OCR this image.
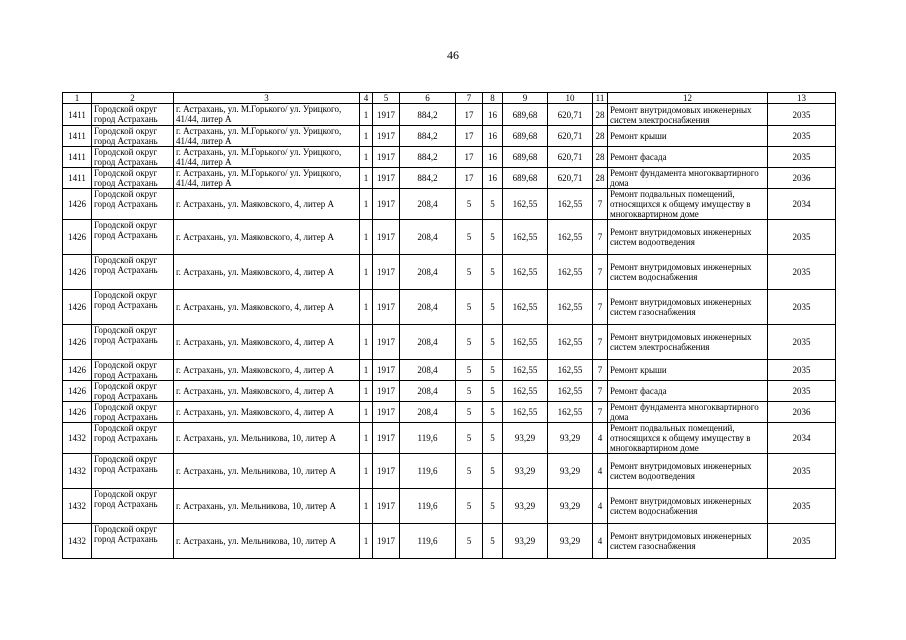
46
1	2	3	4	5	6	7	8	9	10	11	12	13
1411	Городской округ город Астрахань	г. Астрахань, ул. М.Горького/ ул. Урицкого, 41/44, литер А	1	1917	884,2	17	16	689,68	620,71	28	Ремонт внутридомовых инженерных систем электроснабжения	2035
1411	Городской округ город Астрахань	г. Астрахань, ул. М.Горького/ ул. Урицкого, 41/44, литер А	1	1917	884,2	17	16	689,68	620,71	28	Ремонт крыши	2035
1411	Городской округ город Астрахань	г. Астрахань, ул. М.Горького/ ул. Урицкого, 41/44, литер А	1	1917	884,2	17	16	689,68	620,71	28	Ремонт фасада	2035
1411	Городской округ город Астрахань	г. Астрахань, ул. М.Горького/ ул. Урицкого, 41/44, литер А	1	1917	884,2	17	16	689,68	620,71	28	Ремонт фундамента многоквартирного дома	2036
1426	Городской округ город Астрахань	г. Астрахань, ул. Маяковского, 4, литер А	1	1917	208,4	5	5	162,55	162,55	7	Ремонт подвальных помещений, относящихся к общему имуществу в многоквартирном доме	2034
1426	Городской округ город Астрахань	г. Астрахань, ул. Маяковского, 4, литер А	1	1917	208,4	5	5	162,55	162,55	7	Ремонт внутридомовых инженерных систем водоотведения	2035
1426	Городской округ город Астрахань	г. Астрахань, ул. Маяковского, 4, литер А	1	1917	208,4	5	5	162,55	162,55	7	Ремонт внутридомовых инженерных систем водоснабжения	2035
1426	Городской округ город Астрахань	г. Астрахань, ул. Маяковского, 4, литер А	1	1917	208,4	5	5	162,55	162,55	7	Ремонт внутридомовых инженерных систем газоснабжения	2035
1426	Городской округ город Астрахань	г. Астрахань, ул. Маяковского, 4, литер А	1	1917	208,4	5	5	162,55	162,55	7	Ремонт внутридомовых инженерных систем электроснабжения	2035
1426	Городской округ город Астрахань	г. Астрахань, ул. Маяковского, 4, литер А	1	1917	208,4	5	5	162,55	162,55	7	Ремонт крыши	2035
1426	Городской округ город Астрахань	г. Астрахань, ул. Маяковского, 4, литер А	1	1917	208,4	5	5	162,55	162,55	7	Ремонт фасада	2035
1426	Городской округ город Астрахань	г. Астрахань, ул. Маяковского, 4, литер А	1	1917	208,4	5	5	162,55	162,55	7	Ремонт фундамента многоквартирного дома	2036
1432	Городской округ город Астрахань	г. Астрахань, ул. Мельникова, 10, литер А	1	1917	119,6	5	5	93,29	93,29	4	Ремонт подвальных помещений, относящихся к общему имуществу в многоквартирном доме	2034
1432	Городской округ город Астрахань	г. Астрахань, ул. Мельникова, 10, литер А	1	1917	119,6	5	5	93,29	93,29	4	Ремонт внутридомовых инженерных систем водоотведения	2035
1432	Городской округ город Астрахань	г. Астрахань, ул. Мельникова, 10, литер А	1	1917	119,6	5	5	93,29	93,29	4	Ремонт внутридомовых инженерных систем водоснабжения	2035
1432	Городской округ город Астрахань	г. Астрахань, ул. Мельникова, 10, литер А	1	1917	119,6	5	5	93,29	93,29	4	Ремонт внутридомовых инженерных систем газоснабжения	2035
